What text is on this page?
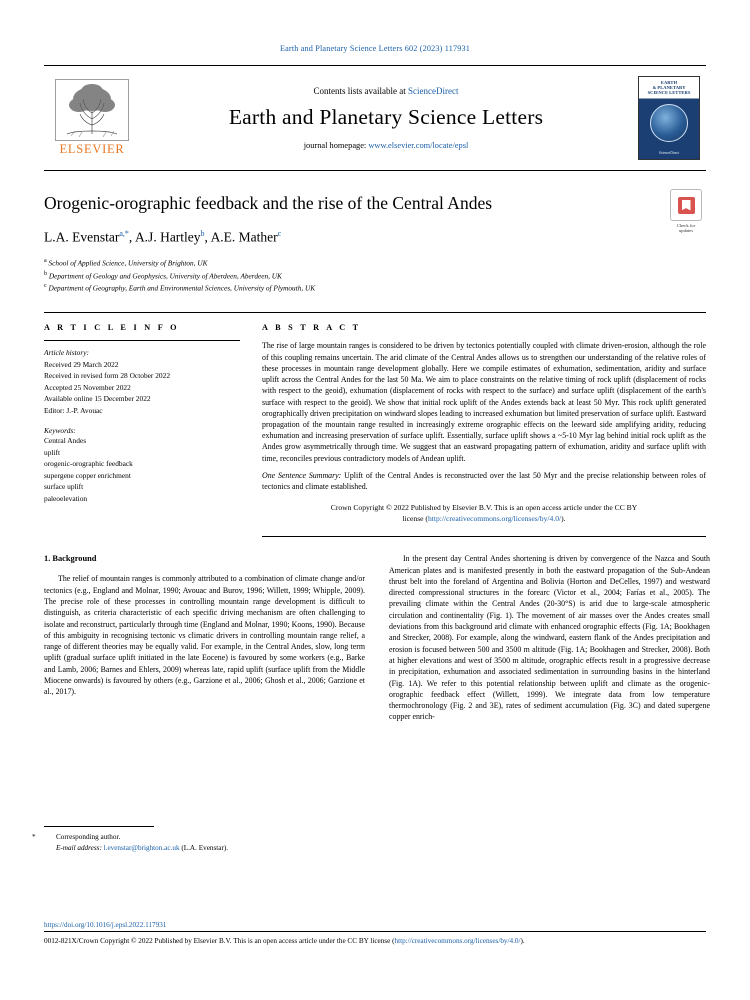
Earth and Planetary Science Letters 602 (2023) 117931
ELSEVIER
Contents lists available at ScienceDirect
Earth and Planetary Science Letters
journal homepage: www.elsevier.com/locate/epsl
EARTH
& PLANETARY
SCIENCE LETTERS
ScienceDirect
Check for
updates
Orogenic-orographic feedback and the rise of the Central Andes
L.A. Evenstar$^{a,*}$, A.J. Hartley$^b$, A.E. Mather$^c$
$^a$ School of Applied Science, University of Brighton, UK
$^b$ Department of Geology and Geophysics, University of Aberdeen, Aberdeen, UK
$^c$ Department of Geography, Earth and Environmental Sciences, University of Plymouth, UK
A R T I C L E I N F O
Article history:
Received 29 March 2022
Received in revised form 28 October 2022
Accepted 25 November 2022
Available online 15 December 2022
Editor: J.-P. Avouac
Keywords:
Central Andes
uplift
orogenic-orographic feedback
supergene copper enrichment
surface uplift
paleoelevation
A B S T R A C T

The rise of large mountain ranges is considered to be driven by tectonics potentially coupled with climate driven-erosion, although the role of this coupling remains uncertain. The arid climate of the Central Andes allows us to strengthen our understanding of the relative roles of these processes in mountain range development globally. Here we compile estimates of exhumation, sedimentation, aridity and surface uplift across the Central Andes for the last 50 Ma. We aim to place constraints on the relative timing of rock uplift (displacement of rocks with respect to the geoid), exhumation (displacement of rocks with respect to the surface) and surface uplift (displacement of the earth's surface with respect to the geoid). We show that initial rock uplift of the Andes extends back at least 50 Myr. This rock uplift generated orographically driven precipitation on windward slopes leading to increased exhumation but limited preservation of surface uplift. Eastward propagation of the mountain range resulted in increasingly extreme orographic effects on the leeward side amplifying aridity, reducing exhumation and increasing preservation of surface uplift. Essentially, surface uplift shows a ~5-10 Myr lag behind initial rock uplift as the Andes grow asymmetrically through time. We suggest that an eastward propagating pattern of exhumation, aridity and surface uplift with time, reconciles previous contradictory models of Andean uplift.

One Sentence Summary: Uplift of the Central Andes is reconstructed over the last 50 Myr and the precise relationship between roles of tectonics and climate established.

Crown Copyright © 2022 Published by Elsevier B.V. This is an open access article under the CC BY
license (http://creativecommons.org/licenses/by/4.0/).
1. Background

The relief of mountain ranges is commonly attributed to a combination of climate change and/or tectonics (e.g., England and Molnar, 1990; Avouac and Burov, 1996; Willett, 1999; Whipple, 2009). The precise role of these processes in controlling mountain range development is difficult to distinguish, as criteria characteristic of each specific driving mechanism are often challenging to isolate and reconstruct, particularly through time (England and Molnar, 1990; Koons, 1990). Because of this ambiguity in recognising tectonic vs climatic drivers in controlling mountain range relief, a range of different theories may be equally valid. For example, in the Central Andes, slow, long term uplift (gradual surface uplift initiated in the late Eocene) is favoured by some workers (e.g., Barke and Lamb, 2006; Barnes and Ehlers, 2009) whereas late, rapid uplift (surface uplift from the Middle Miocene onwards) is favoured by others (e.g., Garzione et al., 2006; Ghosh et al., 2006; Garzione et al., 2017).

*	Corresponding author.
E-mail address: l.evenstar@brighton.ac.uk (L.A. Evenstar).

In the present day Central Andes shortening is driven by convergence of the Nazca and South American plates and is manifested presently in both the eastward propagation of the Sub-Andean thrust belt into the foreland of Argentina and Bolivia (Horton and DeCelles, 1997) and westward directed compressional structures in the forearc (Victor et al., 2004; Farías et al., 2005). The prevailing climate within the Central Andes (20-30°S) is arid due to large-scale atmospheric circulation and continentality (Fig. 1). The movement of air masses over the Andes creates small deviations from this background arid climate with enhanced orographic effects (Fig. 1A; Bookhagen and Strecker, 2008). For example, along the windward, eastern flank of the Andes precipitation and erosion is focused between 500 and 3500 m altitude (Fig. 1A; Bookhagen and Strecker, 2008). Both at higher elevations and west of 3500 m altitude, orographic effects result in a progressive decrease in precipitation, exhumation and associated sedimentation in surrounding basins in the hinterland (Fig. 1A). We refer to this potential relationship between uplift and climate as the orogenic-orographic feedback effect (Willett, 1999). We integrate data from low temperature thermochronology (Fig. 2 and 3E), rates of sediment accumulation (Fig. 3C) and dated supergene copper enrich-

https://doi.org/10.1016/j.epsl.2022.117931
0012-821X/Crown Copyright © 2022 Published by Elsevier B.V. This is an open access article under the CC BY license (http://creativecommons.org/licenses/by/4.0/).
